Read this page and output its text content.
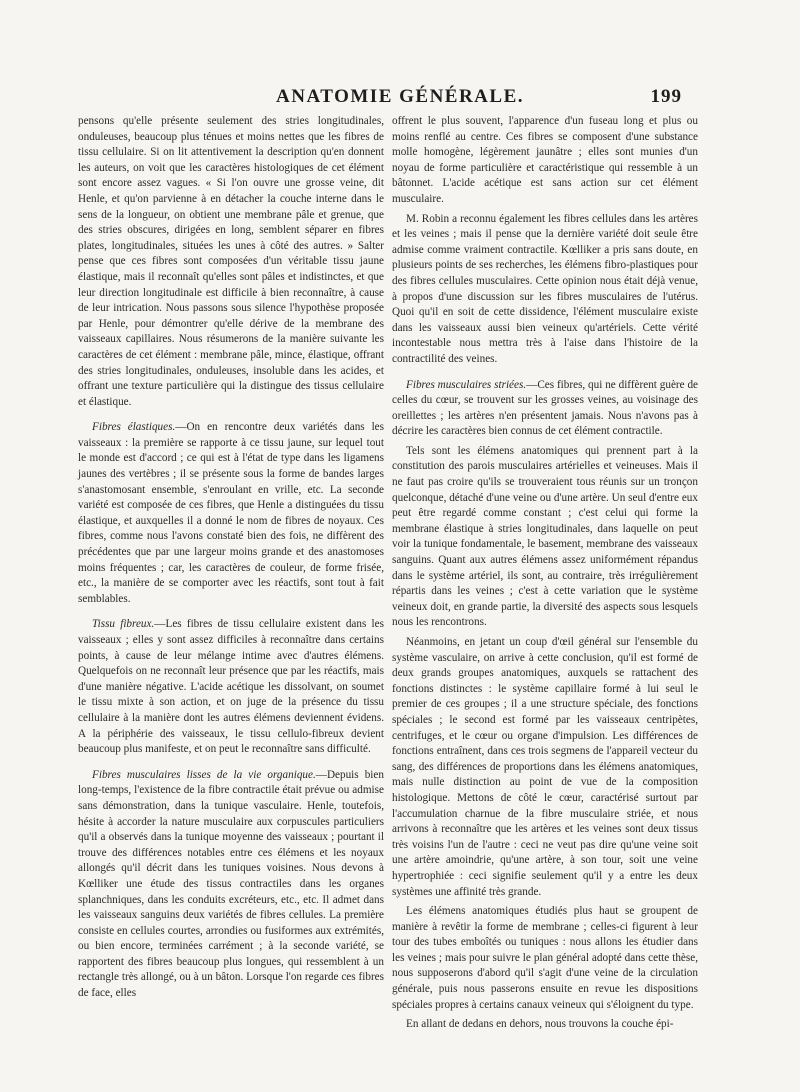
ANATOMIE GÉNÉRALE.	199

pensons qu'elle présente seulement des stries longitudinales, onduleuses, beaucoup plus ténues et moins nettes que les fibres de tissu cellulaire. Si on lit attentivement la description qu'en donnent les auteurs, on voit que les caractères histologiques de cet élément sont encore assez vagues. « Si l'on ouvre une grosse veine, dit Henle, et qu'on parvienne à en détacher la couche interne dans le sens de la longueur, on obtient une membrane pâle et grenue, que des stries obscures, dirigées en long, semblent séparer en fibres plates, longitudinales, situées les unes à côté des autres. » Salter pense que ces fibres sont composées d'un véritable tissu jaune élastique, mais il reconnaît qu'elles sont pâles et indistinctes, et que leur direction longitudinale est difficile à bien reconnaître, à cause de leur intrication. Nous passons sous silence l'hypothèse proposée par Henle, pour démontrer qu'elle dérive de la membrane des vaisseaux capillaires. Nous résumerons de la manière suivante les caractères de cet élément : membrane pâle, mince, élastique, offrant des stries longitudinales, onduleuses, insoluble dans les acides, et offrant une texture particulière qui la distingue des tissus cellulaire et élastique.

Fibres élastiques.—On en rencontre deux variétés dans les vaisseaux : la première se rapporte à ce tissu jaune, sur lequel tout le monde est d'accord ; ce qui est à l'état de type dans les ligamens jaunes des vertèbres ; il se présente sous la forme de bandes larges s'anastomosant ensemble, s'enroulant en vrille, etc. La seconde variété est composée de ces fibres, que Henle a distinguées du tissu élastique, et auxquelles il a donné le nom de fibres de noyaux. Ces fibres, comme nous l'avons constaté bien des fois, ne diffèrent des précédentes que par une largeur moins grande et des anastomoses moins fréquentes ; car, les caractères de couleur, de forme frisée, etc., la manière de se comporter avec les réactifs, sont tout à fait semblables.

Tissu fibreux.—Les fibres de tissu cellulaire existent dans les vaisseaux ; elles y sont assez difficiles à reconnaître dans certains points, à cause de leur mélange intime avec d'autres élémens. Quelquefois on ne reconnaît leur présence que par les réactifs, mais d'une manière négative. L'acide acétique les dissolvant, on soumet le tissu mixte à son action, et on juge de la présence du tissu cellulaire à la manière dont les autres élémens deviennent évidens. A la périphérie des vaisseaux, le tissu cellulo-fibreux devient beaucoup plus manifeste, et on peut le reconnaître sans difficulté.

Fibres musculaires lisses de la vie organique.—Depuis bien long-temps, l'existence de la fibre contractile était prévue ou admise sans démonstration, dans la tunique vasculaire. Henle, toutefois, hésite à accorder la nature musculaire aux corpuscules particuliers qu'il a observés dans la tunique moyenne des vaisseaux ; pourtant il trouve des différences notables entre ces élémens et les noyaux allongés qu'il décrit dans les tuniques voisines. Nous devons à Kœlliker une étude des tissus contractiles dans les organes splanchniques, dans les conduits excréteurs, etc., etc. Il admet dans les vaisseaux sanguins deux variétés de fibres cellules. La première consiste en cellules courtes, arrondies ou fusiformes aux extrémités, ou bien encore, terminées carrément ; à la seconde variété, se rapportent des fibres beaucoup plus longues, qui ressemblent à un rectangle très allongé, ou à un bâton. Lorsque l'on regarde ces fibres de face, elles

offrent le plus souvent, l'apparence d'un fuseau long et plus ou moins renflé au centre. Ces fibres se composent d'une substance molle homogène, légèrement jaunâtre ; elles sont munies d'un noyau de forme particulière et caractéristique qui ressemble à un bâtonnet. L'acide acétique est sans action sur cet élément musculaire.

M. Robin a reconnu également les fibres cellules dans les artères et les veines ; mais il pense que la dernière variété doit seule être admise comme vraiment contractile. Kœlliker a pris sans doute, en plusieurs points de ses recherches, les élémens fibro-plastiques pour des fibres cellules musculaires. Cette opinion nous était déjà venue, à propos d'une discussion sur les fibres musculaires de l'utérus. Quoi qu'il en soit de cette dissidence, l'élément musculaire existe dans les vaisseaux aussi bien veineux qu'artériels. Cette vérité incontestable nous mettra très à l'aise dans l'histoire de la contractilité des veines.

Fibres musculaires striées.—Ces fibres, qui ne diffèrent guère de celles du cœur, se trouvent sur les grosses veines, au voisinage des oreillettes ; les artères n'en présentent jamais. Nous n'avons pas à décrire les caractères bien connus de cet élément contractile.

Tels sont les élémens anatomiques qui prennent part à la constitution des parois musculaires artérielles et veineuses. Mais il ne faut pas croire qu'ils se trouveraient tous réunis sur un tronçon quelconque, détaché d'une veine ou d'une artère. Un seul d'entre eux peut être regardé comme constant ; c'est celui qui forme la membrane élastique à stries longitudinales, dans laquelle on peut voir la tunique fondamentale, le basement, membrane des vaisseaux sanguins. Quant aux autres élémens assez uniformément répandus dans le système artériel, ils sont, au contraire, très irrégulièrement répartis dans les veines ; c'est à cette variation que le système veineux doit, en grande partie, la diversité des aspects sous lesquels nous les rencontrons.

Néanmoins, en jetant un coup d'œil général sur l'ensemble du système vasculaire, on arrive à cette conclusion, qu'il est formé de deux grands groupes anatomiques, auxquels se rattachent des fonctions distinctes : le système capillaire formé à lui seul le premier de ces groupes ; il a une structure spéciale, des fonctions spéciales ; le second est formé par les vaisseaux centripètes, centrifuges, et le cœur ou organe d'impulsion. Les différences de fonctions entraînent, dans ces trois segmens de l'appareil vecteur du sang, des différences de proportions dans les élémens anatomiques, mais nulle distinction au point de vue de la composition histologique. Mettons de côté le cœur, caractérisé surtout par l'accumulation charnue de la fibre musculaire striée, et nous arrivons à reconnaître que les artères et les veines sont deux tissus très voisins l'un de l'autre : ceci ne veut pas dire qu'une veine soit une artère amoindrie, qu'une artère, à son tour, soit une veine hypertrophiée : ceci signifie seulement qu'il y a entre les deux systèmes une affinité très grande.

Les élémens anatomiques étudiés plus haut se groupent de manière à revêtir la forme de membrane ; celles-ci figurent à leur tour des tubes emboîtés ou tuniques : nous allons les étudier dans les veines ; mais pour suivre le plan général adopté dans cette thèse, nous supposerons d'abord qu'il s'agit d'une veine de la circulation générale, puis nous passerons ensuite en revue les dispositions spéciales propres à certains canaux veineux qui s'éloignent du type.

En allant de dedans en dehors, nous trouvons la couche épi-
